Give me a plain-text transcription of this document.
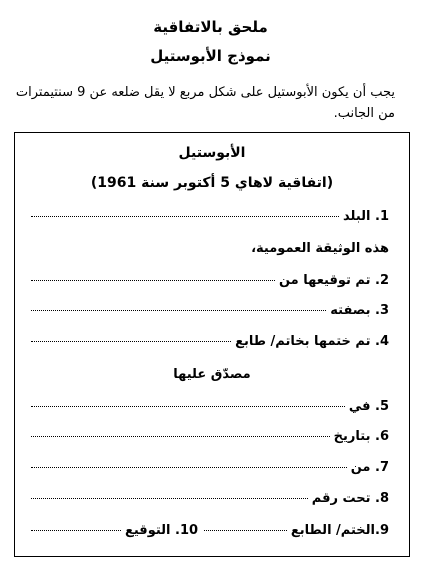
ملحق بالاتفاقية
نموذج الأبوستيل
يجب أن يكون الأبوستيل على شكل مربع لا يقل ضلعه عن 9 سنتيمترات من الجانب.
الأبوستيل
(اتفاقية لاهاي 5 أكتوبر سنة 1961)
1. البلد
هذه الوثيقة العمومية،
2. تم توقيعها من
3. بصفته
4. تم ختمها بخاتم/ طابع
مصدّق عليها
5. في
6. بتاريخ
7. من
8. تحت رقم
9.الختم/ الطابع
10. التوقيع
